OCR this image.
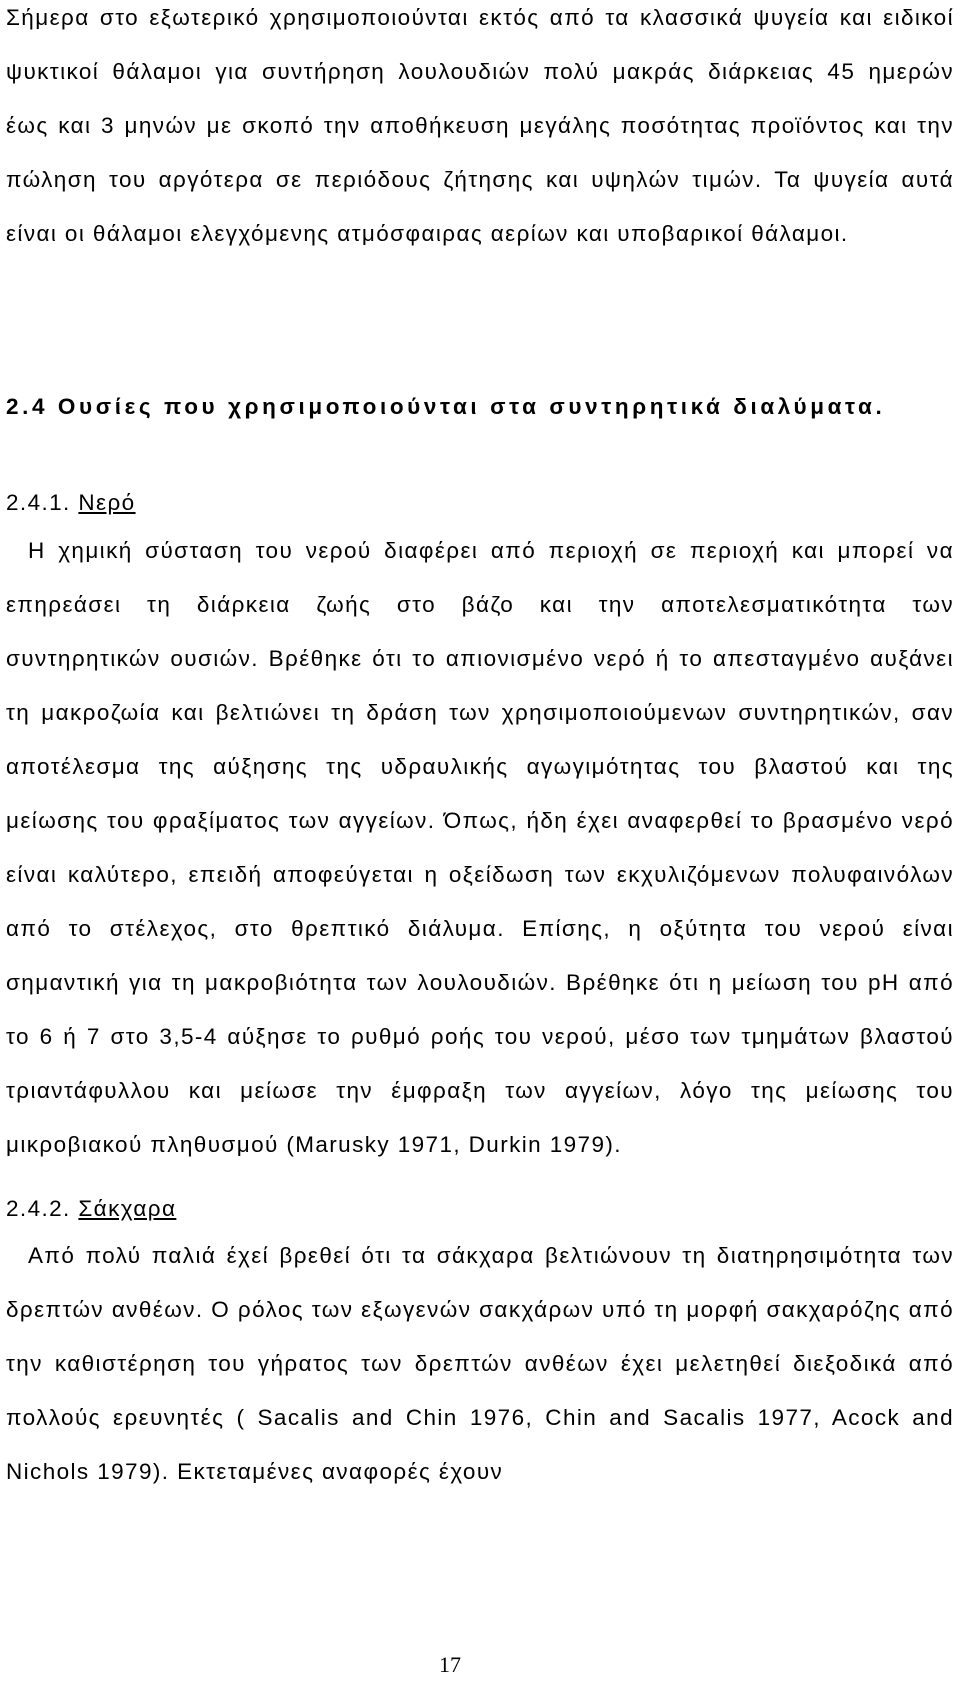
Σήμερα στο εξωτερικό χρησιμοποιούνται εκτός από τα κλασσικά ψυγεία και ειδικοί ψυκτικοί θάλαμοι για συντήρηση λουλουδιών πολύ μακράς διάρκειας 45 ημερών έως και 3 μηνών με σκοπό την αποθήκευση μεγάλης ποσότητας προϊόντος και την πώληση του αργότερα σε περιόδους ζήτησης και υψηλών τιμών. Τα ψυγεία αυτά είναι οι θάλαμοι ελεγχόμενης ατμόσφαιρας αερίων και υποβαρικοί θάλαμοι.

2.4 Ουσίες που χρησιμοποιούνται στα συντηρητικά διαλύματα.
2.4.1. Νερό

Η χημική σύσταση του νερού διαφέρει από περιοχή σε περιοχή και μπορεί να επηρεάσει τη διάρκεια ζωής στο βάζο και την αποτελεσματικότητα των συντηρητικών ουσιών. Βρέθηκε ότι το απιονισμένο νερό ή το απεσταγμένο αυξάνει τη μακροζωία και βελτιώνει τη δράση των χρησιμοποιούμενων συντηρητικών, σαν αποτέλεσμα της αύξησης της υδραυλικής αγωγιμότητας του βλαστού και της μείωσης του φραξίματος των αγγείων. Όπως, ήδη έχει αναφερθεί το βρασμένο νερό είναι καλύτερο, επειδή αποφεύγεται η οξείδωση των εκχυλιζόμενων πολυφαινόλων από το στέλεχος, στο θρεπτικό διάλυμα. Επίσης, η οξύτητα του νερού είναι σημαντική για τη μακροβιότητα των λουλουδιών. Βρέθηκε ότι η μείωση του pH από το 6 ή 7 στο 3,5-4 αύξησε το ρυθμό ροής του νερού, μέσο των τμημάτων βλαστού τριαντάφυλλου και μείωσε την έμφραξη των αγγείων, λόγο της μείωσης του μικροβιακού πληθυσμού (Marusky 1971, Durkin 1979).

2.4.2. Σάκχαρα

Από πολύ παλιά έχεί βρεθεί ότι τα σάκχαρα βελτιώνουν τη διατηρησιμότητα των δρεπτών ανθέων. Ο ρόλος των εξωγενών σακχάρων υπό τη μορφή σακχαρόζης από την καθιστέρηση του γήρατος των δρεπτών ανθέων έχει μελετηθεί διεξοδικά από πολλούς ερευνητές ( Sacalis and Chin 1976, Chin and Sacalis 1977, Acock and Nichols 1979). Εκτεταμένες αναφορές έχουν

17
